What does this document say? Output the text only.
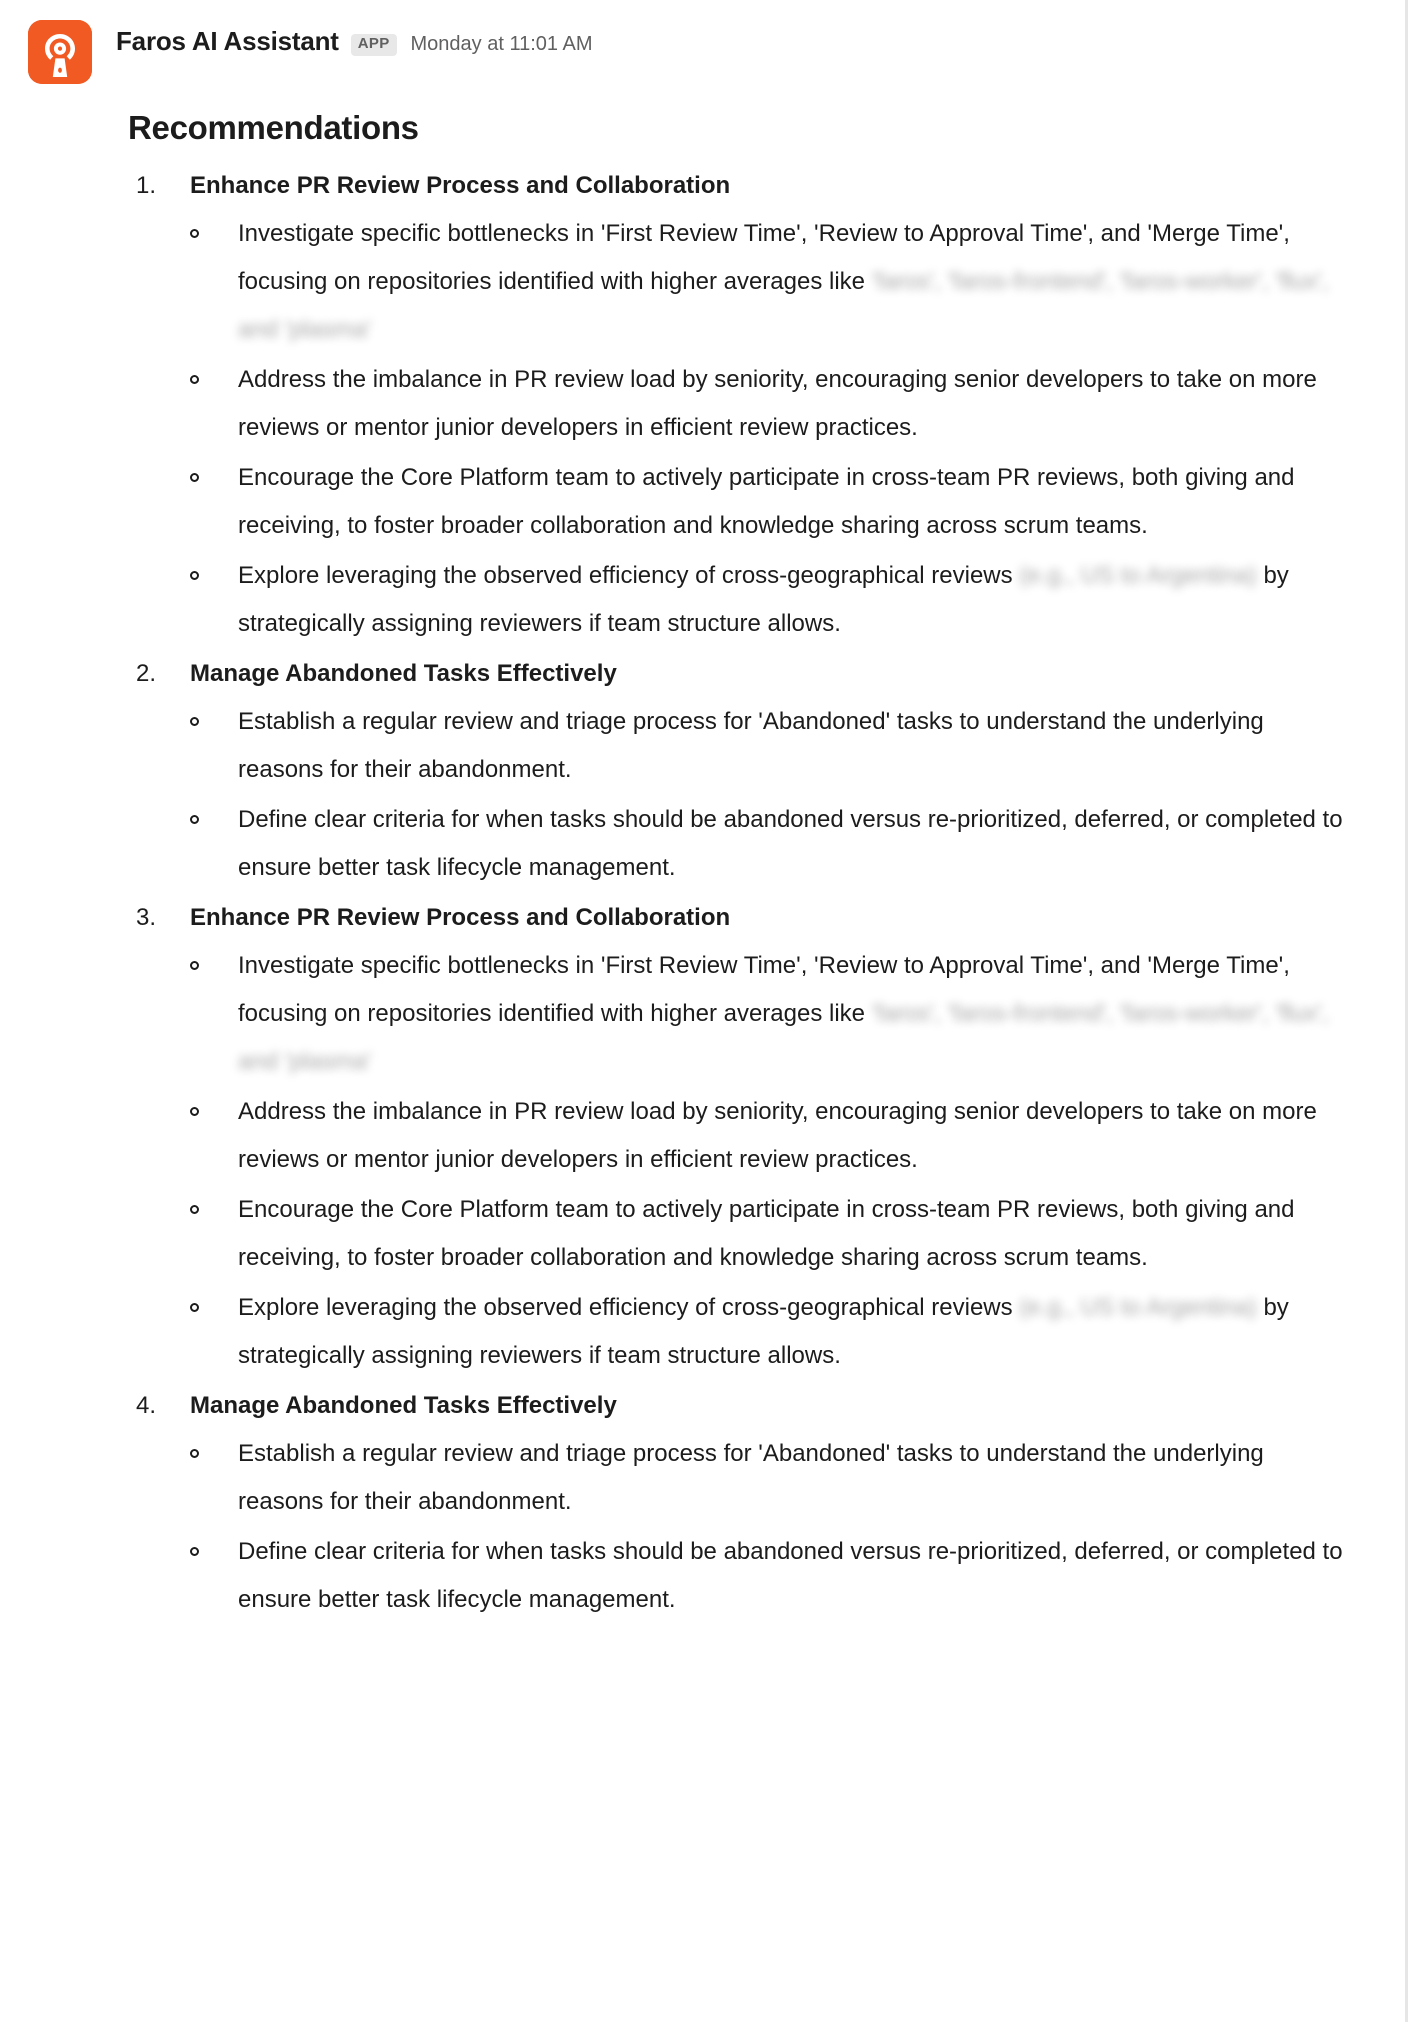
Faros AI Assistant	APP	Monday at 11:01 AM
Recommendations
Enhance PR Review Process and Collaboration
Investigate specific bottlenecks in 'First Review Time', 'Review to Approval Time', and 'Merge Time', focusing on repositories identified with higher averages like 'faros', 'faros-frontend', 'faros-worker', 'flux', and 'plasma'
Address the imbalance in PR review load by seniority, encouraging senior developers to take on more reviews or mentor junior developers in efficient review practices.
Encourage the Core Platform team to actively participate in cross-team PR reviews, both giving and receiving, to foster broader collaboration and knowledge sharing across scrum teams.
Explore leveraging the observed efficiency of cross-geographical reviews (e.g., US to Argentina) by strategically assigning reviewers if team structure allows.
Manage Abandoned Tasks Effectively
Establish a regular review and triage process for 'Abandoned' tasks to understand the underlying reasons for their abandonment.
Define clear criteria for when tasks should be abandoned versus re-prioritized, deferred, or completed to ensure better task lifecycle management.
Enhance PR Review Process and Collaboration
Investigate specific bottlenecks in 'First Review Time', 'Review to Approval Time', and 'Merge Time', focusing on repositories identified with higher averages like 'faros', 'faros-frontend', 'faros-worker', 'flux', and 'plasma'
Address the imbalance in PR review load by seniority, encouraging senior developers to take on more reviews or mentor junior developers in efficient review practices.
Encourage the Core Platform team to actively participate in cross-team PR reviews, both giving and receiving, to foster broader collaboration and knowledge sharing across scrum teams.
Explore leveraging the observed efficiency of cross-geographical reviews (e.g., US to Argentina) by strategically assigning reviewers if team structure allows.
Manage Abandoned Tasks Effectively
Establish a regular review and triage process for 'Abandoned' tasks to understand the underlying reasons for their abandonment.
Define clear criteria for when tasks should be abandoned versus re-prioritized, deferred, or completed to ensure better task lifecycle management.
